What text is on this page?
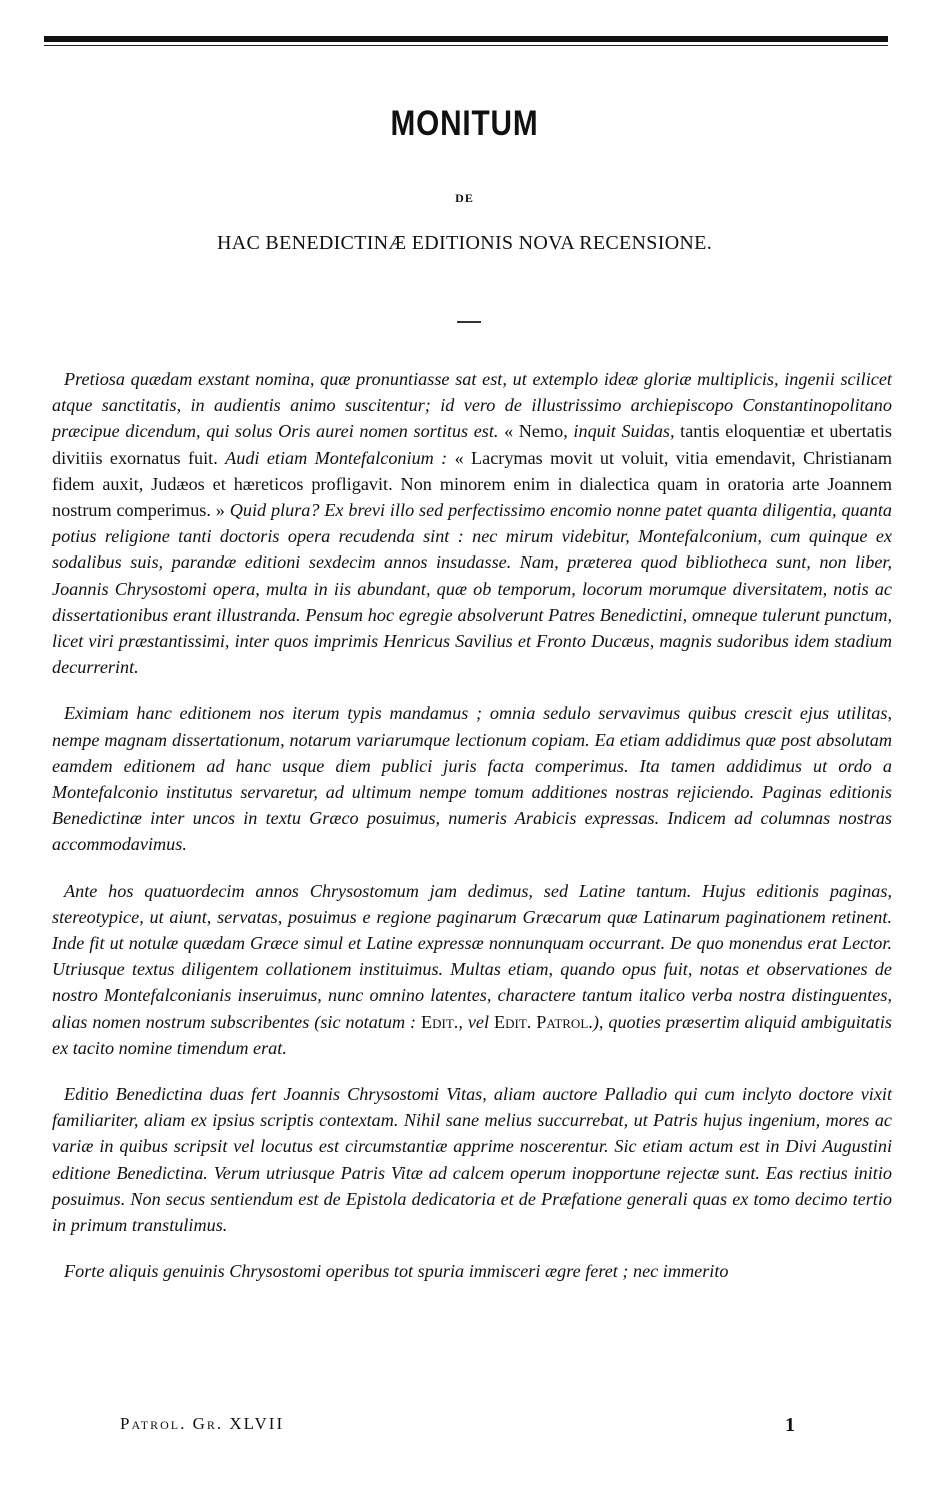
MONITUM
DE
HAC BENEDICTINÆ EDITIONIS NOVA RECENSIONE.

Pretiosa quædam exstant nomina, quæ pronuntiasse sat est, ut extemplo ideæ gloriæ multiplicis, ingenii scilicet atque sanctitatis, in audientis animo suscitentur; id vero de illustrissimo archiepiscopo Constantinopolitano præcipue dicendum, qui solus Oris aurei nomen sortitus est. « Nemo, inquit Suidas, tantis eloquentiæ et ubertatis divitiis exornatus fuit. Audi etiam Montefalconium : « Lacrymas movit ut voluit, vitia emendavit, Christianam fidem auxit, Judæos et hæreticos profligavit. Non minorem enim in dialectica quam in oratoria arte Joannem nostrum comperimus. » Quid plura? Ex brevi illo sed perfectissimo encomio nonne patet quanta diligentia, quanta potius religione tanti doctoris opera recudenda sint : nec mirum videbitur, Montefalconium, cum quinque ex sodalibus suis, parandæ editioni sexdecim annos insudasse. Nam, præterea quod bibliotheca sunt, non liber, Joannis Chrysostomi opera, multa in iis abundant, quæ ob temporum, locorum morumque diversitatem, notis ac dissertationibus erant illustranda. Pensum hoc egregie absolverunt Patres Benedictini, omneque tulerunt punctum, licet viri præstantissimi, inter quos imprimis Henricus Savilius et Fronto Ducæus, magnis sudoribus idem stadium decurrerint.

Eximiam hanc editionem nos iterum typis mandamus ; omnia sedulo servavimus quibus crescit ejus utilitas, nempe magnam dissertationum, notarum variarumque lectionum copiam. Ea etiam addidimus quæ post absolutam eamdem editionem ad hanc usque diem publici juris facta comperimus. Ita tamen addidimus ut ordo a Montefalconio institutus servaretur, ad ultimum nempe tomum additiones nostras rejiciendo. Paginas editionis Benedictinæ inter uncos in textu Græco posuimus, numeris Arabicis expressas. Indicem ad columnas nostras accommodavimus.

Ante hos quatuordecim annos Chrysostomum jam dedimus, sed Latine tantum. Hujus editionis paginas, stereotypice, ut aiunt, servatas, posuimus e regione paginarum Græcarum quæ Latinarum paginationem retinent. Inde fit ut notulæ quædam Græce simul et Latine expressæ nonnunquam occurrant. De quo monendus erat Lector. Utriusque textus diligentem collationem instituimus. Multas etiam, quando opus fuit, notas et observationes de nostro Montefalconianis inseruimus, nunc omnino latentes, charactere tantum italico verba nostra distinguentes, alias nomen nostrum subscribentes (sic notatum : Edit., vel Edit. Patrol.), quoties præsertim aliquid ambiguitatis ex tacito nomine timendum erat.

Editio Benedictina duas fert Joannis Chrysostomi Vitas, aliam auctore Palladio qui cum inclyto doctore vixit familiariter, aliam ex ipsius scriptis contextam. Nihil sane melius succurrebat, ut Patris hujus ingenium, mores ac variæ in quibus scripsit vel locutus est circumstantiæ apprime noscerentur. Sic etiam actum est in Divi Augustini editione Benedictina. Verum utriusque Patris Vitæ ad calcem operum inopportune rejectæ sunt. Eas rectius initio posuimus. Non secus sentiendum est de Epistola dedicatoria et de Præfatione generali quas ex tomo decimo tertio in primum transtulimus.

Forte aliquis genuinis Chrysostomi operibus tot spuria immisceri ægre feret ; nec immerito

Patrol. Gr. XLVII	1
